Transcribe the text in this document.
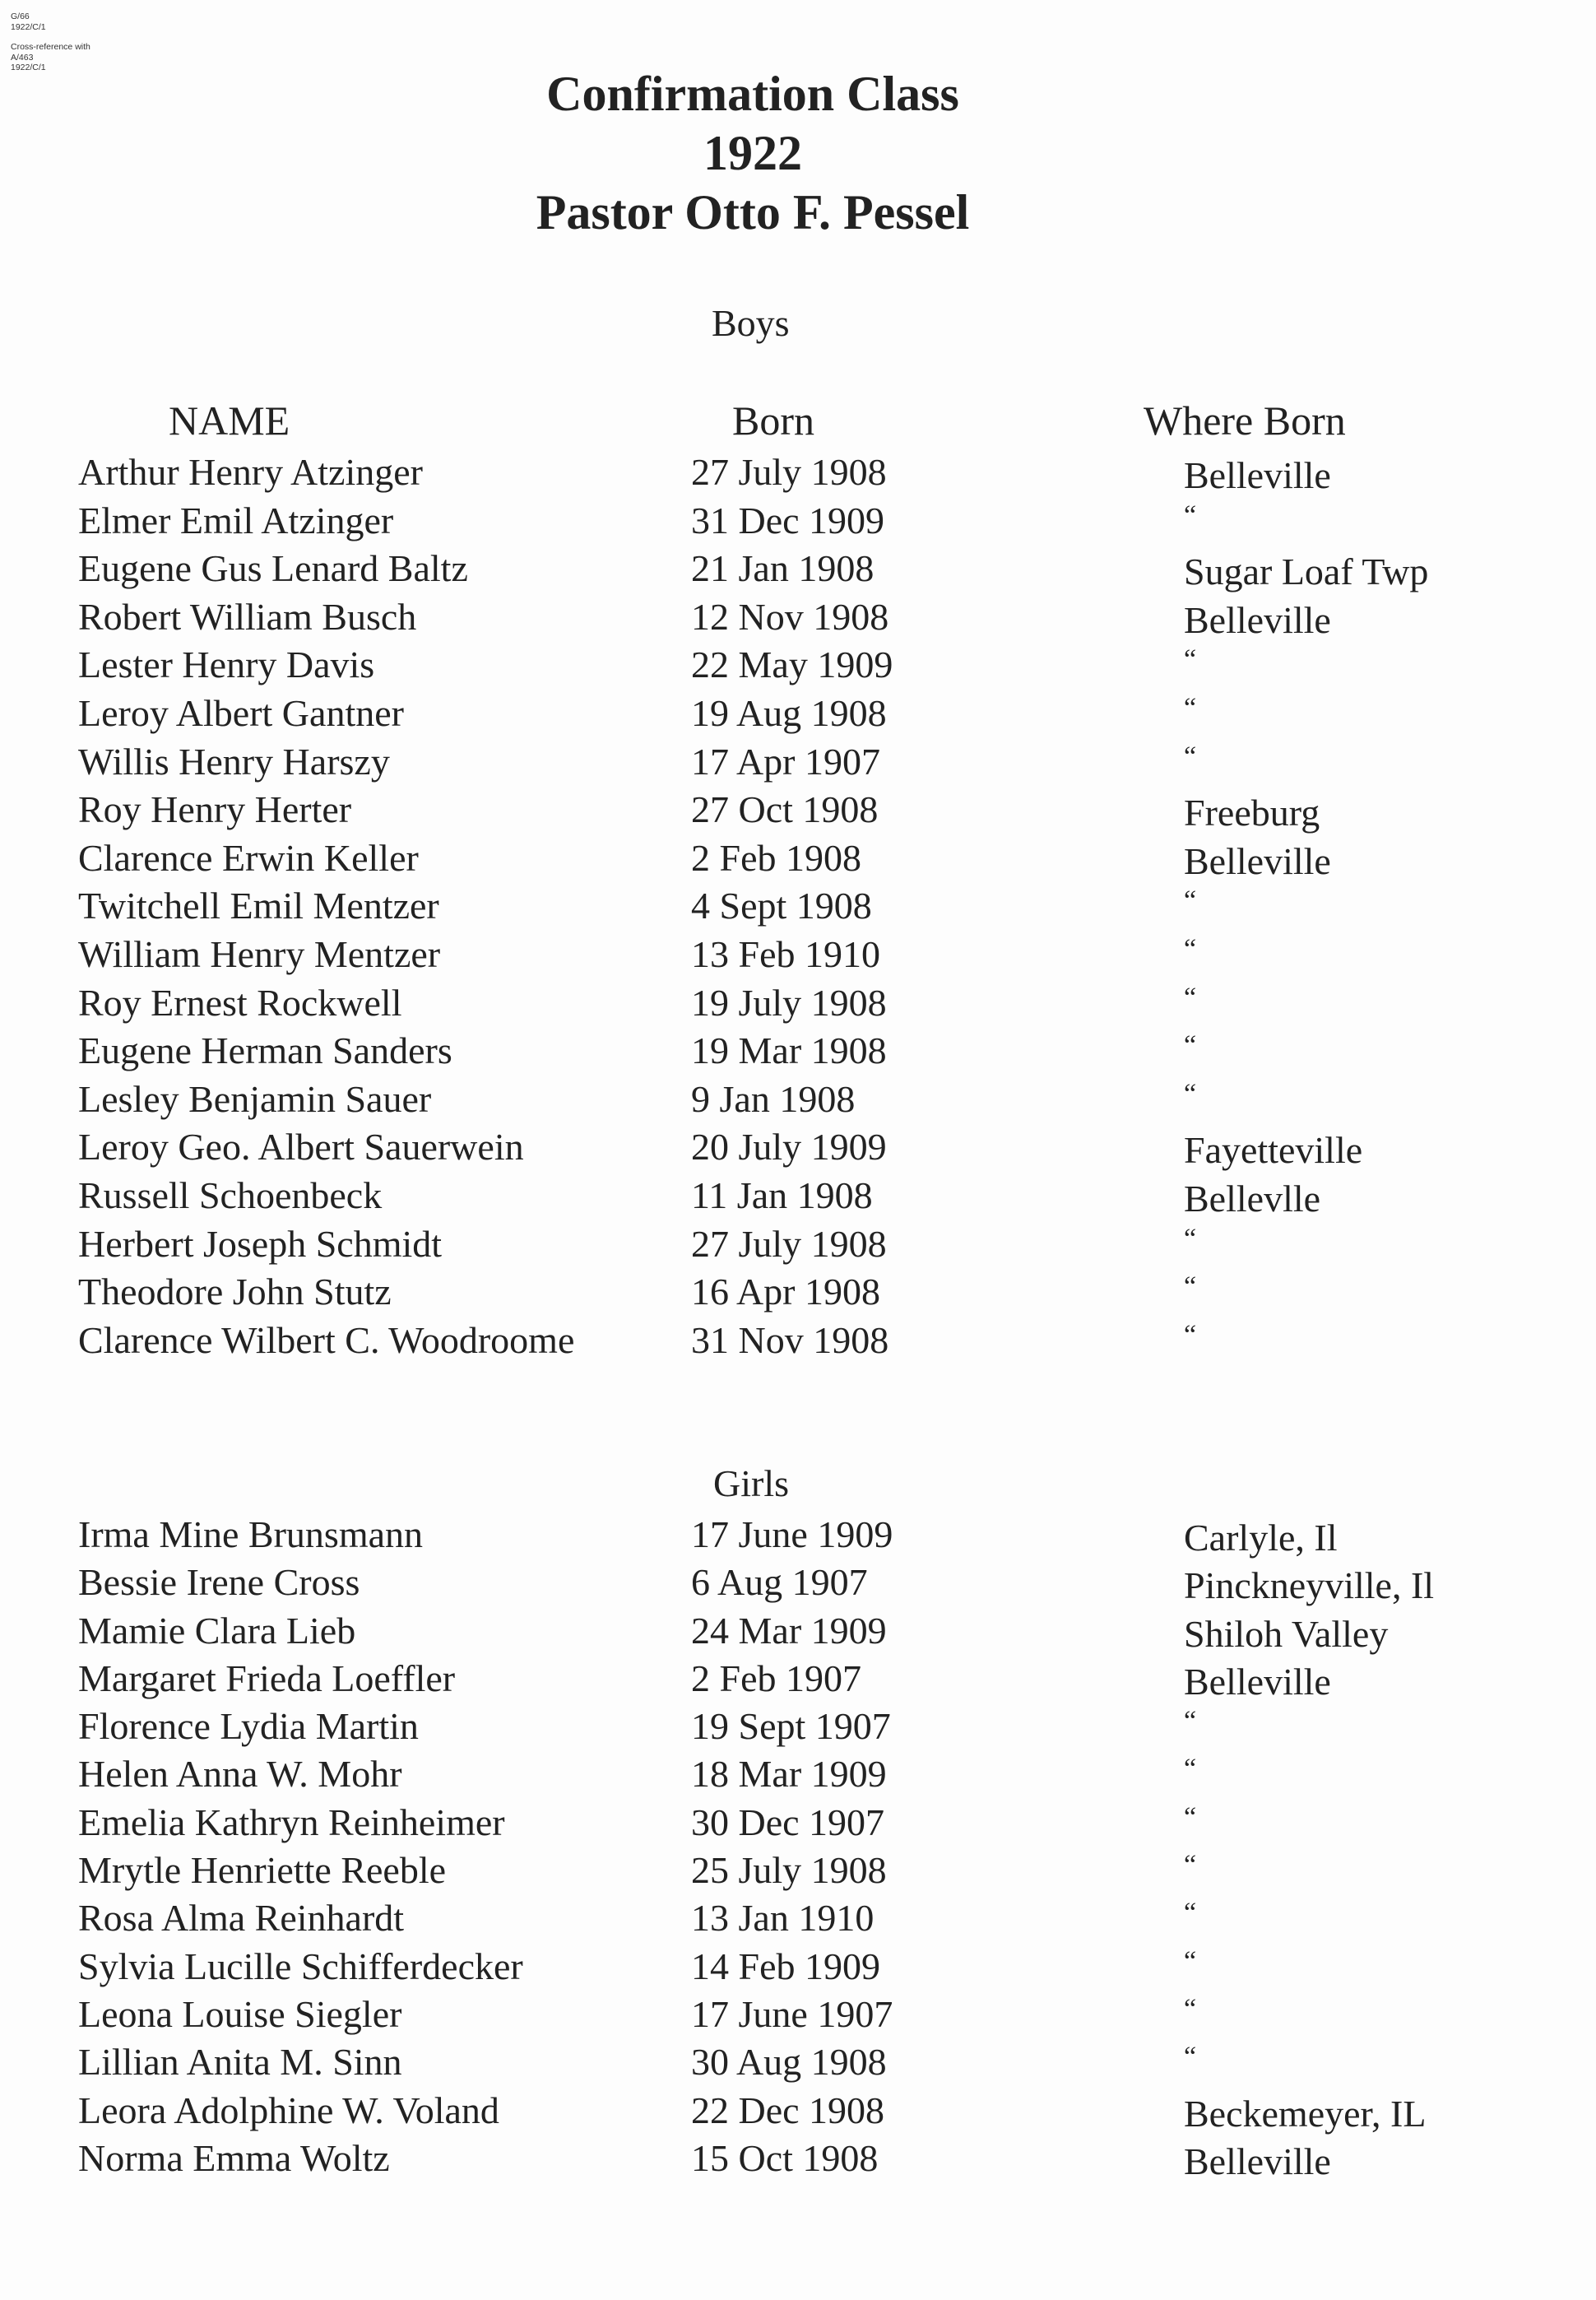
G/66
1922/C/1
Cross-reference with
A/463
1922/C/1	Confirmation Class
1922
Pastor Otto F. Pessel
Boys
NAME	Born	Where Born
Arthur Henry Atzinger	27 July 1908	Belleville
Elmer Emil Atzinger	31 Dec 1909	“
Eugene Gus Lenard Baltz	21 Jan 1908	Sugar Loaf Twp
Robert William Busch	12 Nov 1908	Belleville
Lester Henry Davis	22 May 1909	“
Leroy Albert Gantner	19 Aug 1908	“
Willis Henry Harszy	17 Apr 1907	“
Roy Henry Herter	27 Oct 1908	Freeburg
Clarence Erwin Keller	2 Feb 1908	Belleville
Twitchell Emil Mentzer	4 Sept 1908	“
William Henry Mentzer	13 Feb 1910	“
Roy Ernest Rockwell	19 July 1908	“
Eugene Herman Sanders	19 Mar 1908	“
Lesley Benjamin Sauer	9 Jan 1908	“
Leroy Geo. Albert Sauerwein	20 July 1909	Fayetteville
Russell Schoenbeck	11 Jan 1908	Bellevlle
Herbert Joseph Schmidt	27 July 1908	“
Theodore John Stutz	16 Apr 1908	“
Clarence Wilbert C. Woodroome	31 Nov 1908	“
Girls
Irma Mine Brunsmann	17 June 1909	Carlyle, Il
Bessie Irene Cross	6 Aug 1907	Pinckneyville, Il
Mamie Clara Lieb	24 Mar 1909	Shiloh Valley
Margaret Frieda Loeffler	2 Feb 1907	Belleville
Florence Lydia Martin	19 Sept 1907	“
Helen Anna W. Mohr	18 Mar 1909	“
Emelia Kathryn Reinheimer	30 Dec 1907	“
Mrytle Henriette Reeble	25 July 1908	“
Rosa Alma Reinhardt	13 Jan 1910	“
Sylvia Lucille Schifferdecker	14 Feb 1909	“
Leona Louise Siegler	17 June 1907	“
Lillian Anita M. Sinn	30 Aug 1908	“
Leora Adolphine W. Voland	22 Dec 1908	Beckemeyer, IL
Norma Emma Woltz	15 Oct 1908	Belleville
